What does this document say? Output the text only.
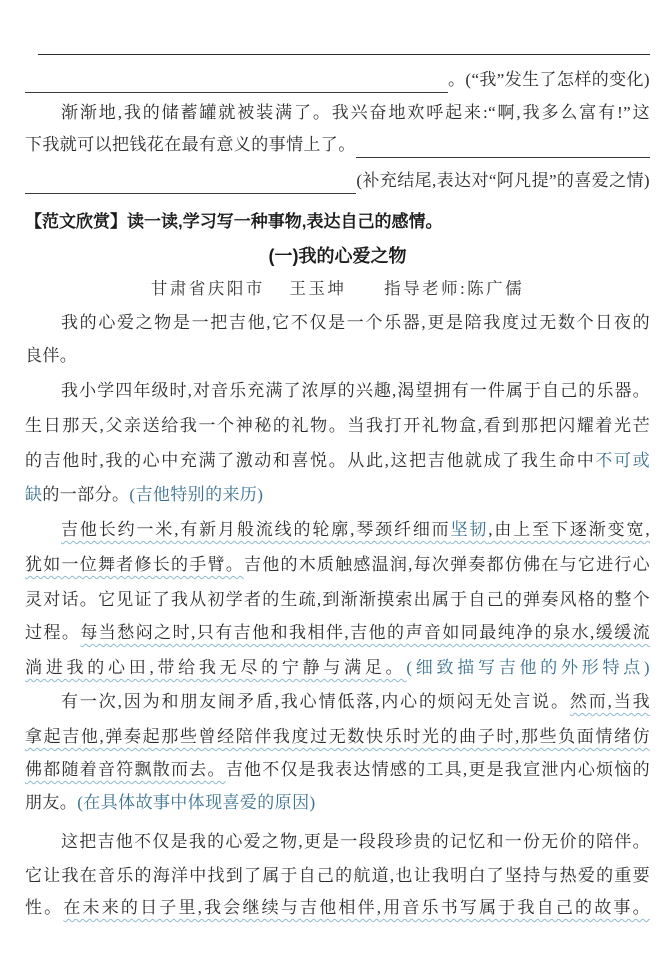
。(“我”发生了怎样的变化)
渐渐地,我的储蓄罐就被装满了。我兴奋地欢呼起来:“啊,我多么富有!”这
下我就可以把钱花在最有意义的事情上了。
(补充结尾,表达对“阿凡提”的喜爱之情)
【范文欣赏】读一读,学习写一种事物,表达自己的感情。
(一)我的心爱之物
甘肃省庆阳市 王玉坤 指导老师:陈广儒
我的心爱之物是一把吉他,它不仅是一个乐器,更是陪我度过无数个日夜的
良伴。
我小学四年级时,对音乐充满了浓厚的兴趣,渴望拥有一件属于自己的乐器。
生日那天,父亲送给我一个神秘的礼物。当我打开礼物盒,看到那把闪耀着光芒
的吉他时,我的心中充满了激动和喜悦。从此,这把吉他就成了我生命中不可或
缺的一部分。(吉他特别的来历)
吉他长约一米,有新月般流线的轮廓,琴颈纤细而坚韧,由上至下逐渐变宽,
犹如一位舞者修长的手臂。吉他的木质触感温润,每次弹奏都仿佛在与它进行心
灵对话。它见证了我从初学者的生疏,到渐渐摸索出属于自己的弹奏风格的整个
过程。每当愁闷之时,只有吉他和我相伴,吉他的声音如同最纯净的泉水,缓缓流
淌进我的心田,带给我无尽的宁静与满足。(细致描写吉他的外形特点)
有一次,因为和朋友闹矛盾,我心情低落,内心的烦闷无处言说。然而,当我
拿起吉他,弹奏起那些曾经陪伴我度过无数快乐时光的曲子时,那些负面情绪仿
佛都随着音符飘散而去。吉他不仅是我表达情感的工具,更是我宣泄内心烦恼的
朋友。(在具体故事中体现喜爱的原因)
这把吉他不仅是我的心爱之物,更是一段段珍贵的记忆和一份无价的陪伴。
它让我在音乐的海洋中找到了属于自己的航道,也让我明白了坚持与热爱的重要
性。在未来的日子里,我会继续与吉他相伴,用音乐书写属于我自己的故事。
